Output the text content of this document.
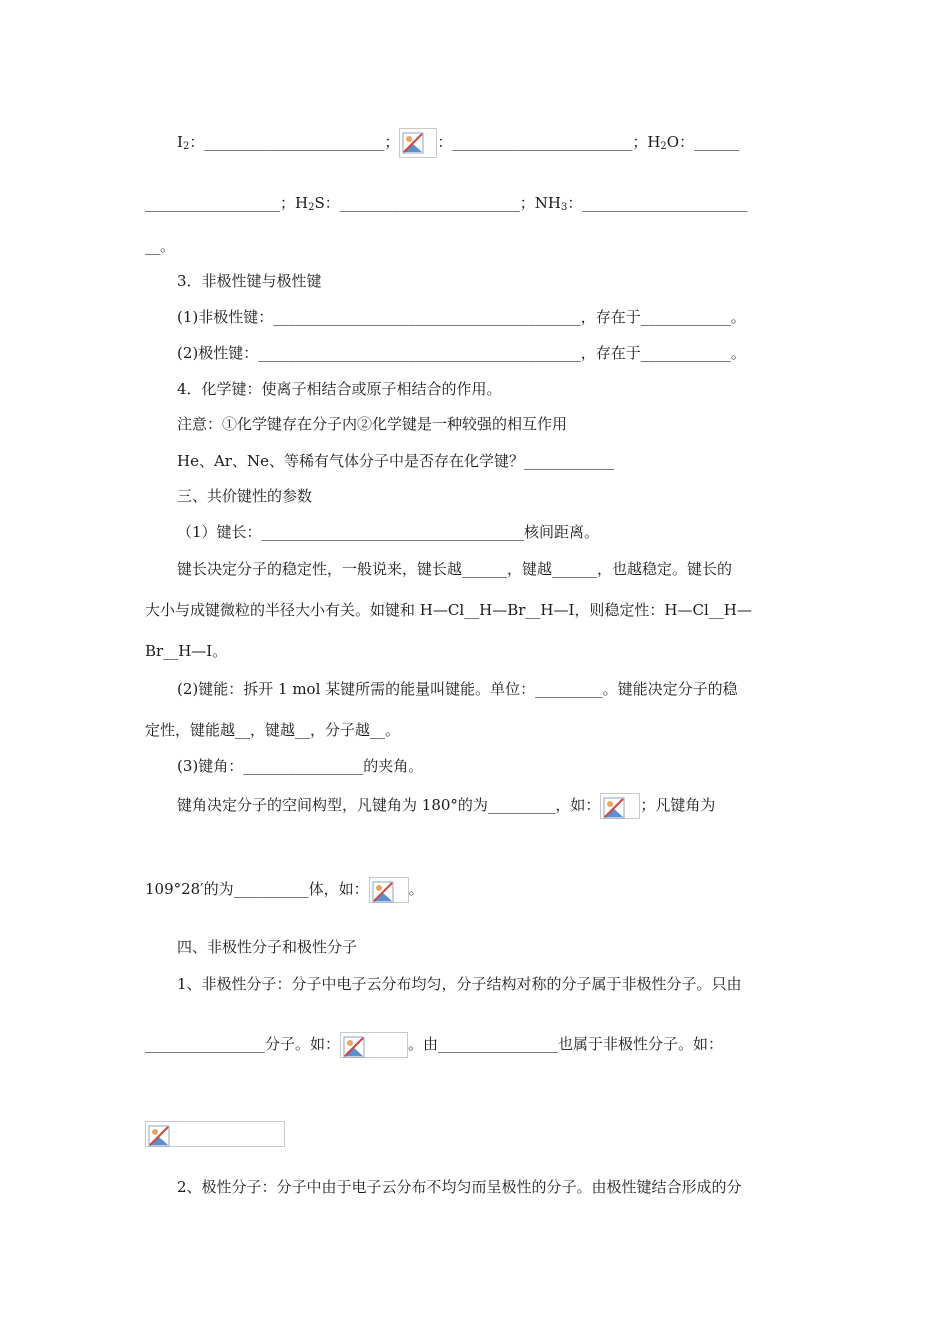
$I_2$：________________________；	：________________________；$H_2O$：______
__________________；$H_2S$：________________________；$NH_3$：______________________
__。
3．非极性键与极性键
(1)非极性键：_________________________________________，存在于____________。
(2)极性键：___________________________________________，存在于____________。
4．化学键：使离子相结合或原子相结合的作用。
注意：①化学键存在分子内②化学键是一种较强的相互作用
He、Ar、Ne、等稀有气体分子中是否存在化学键？____________
三、共价键性的参数
（1）键长：___________________________________核间距离。
键长决定分子的稳定性，一般说来，键长越______，键越______，也越稳定。键长的
大小与成键微粒的半径大小有关。如键和 H—Cl__H—Br__H—I，则稳定性：H—Cl__H—
Br__H—I。
(2)键能：拆开 1 mol 某键所需的能量叫键能。单位：_________。键能决定分子的稳
定性，键能越__，键越__，分子越__。
(3)键角：________________的夹角。
键角决定分子的空间构型，凡键角为 180°的为_________，如：	；凡键角为
109°28′的为__________体，如：	。
四、非极性分子和极性分子
1、非极性分子：分子中电子云分布均匀，分子结构对称的分子属于非极性分子。只由
________________分子。如：	。由________________也属于非极性分子。如：
2、极性分子：分子中由于电子云分布不均匀而呈极性的分子。由极性键结合形成的分
